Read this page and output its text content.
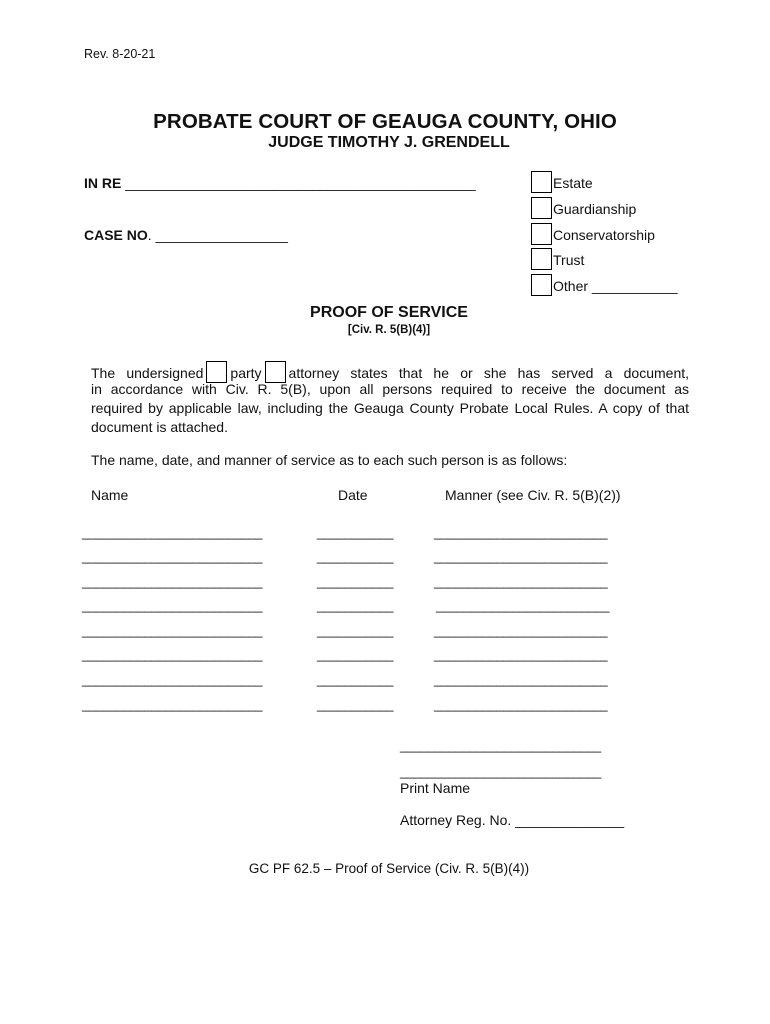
Rev. 8-20-21
PROBATE COURT OF GEAUGA COUNTY, OHIO
JUDGE TIMOTHY J. GRENDELL
IN RE _____________________________________________
CASE NO. _________________
Estate
Guardianship
Conservatorship
Trust
Other ___________
PROOF OF SERVICE
[Civ. R. 5(B)(4)]
The undersigned party attorney states that he or she has served a document,
in accordance with Civ. R. 5(B), upon all persons required to receive the document as
required by applicable law, including the Geauga County Probate Local Rules. A copy of that
document is attached.
The name, date, and manner of service as to each such person is as follows:
Name	Date	Manner (see Civ. R. 5(B)(2))
__________________________	___________	_________________________
__________________________	___________	_________________________
__________________________	___________	_________________________
__________________________	___________	_________________________
__________________________	___________	_________________________
__________________________	___________	_________________________
__________________________	___________	_________________________
__________________________	___________	_________________________
_____________________________
_____________________________
Print Name
Attorney Reg. No. ______________
GC PF 62.5 – Proof of Service (Civ. R. 5(B)(4))
